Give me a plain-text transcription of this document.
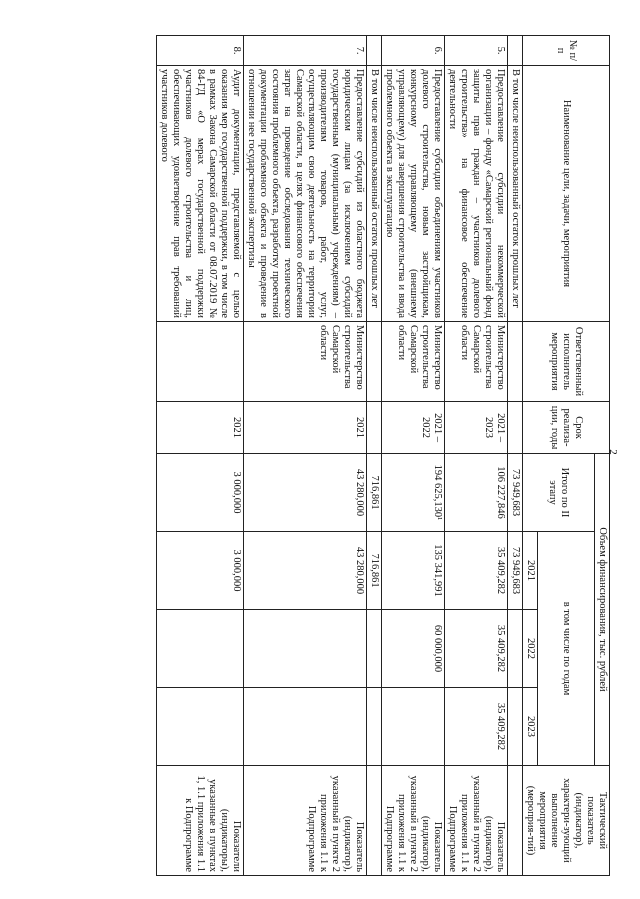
2
№ п/п	Наименование цели, задачи, мероприятия	Ответственный исполнитель мероприятия	Срок реализа-ции, годы	Объем финансирования, тыс. рублей				Тактический показатель (индикатор), характери-зующий выполнение мероприятия (мероприя-тий)
				Итого по II этапу	в том числе по годам			
					2021	2022	2023	
	В том числе неиспользованный остаток прошлых лет			73 949,683	73 949,683			
5.	Предоставление субсидии некоммерческой организации – фонду «Самарский региональный фонд защиты прав граждан – участников долевого строительства» на финансовое обеспечение деятельности	Министерство строительства Самарской области	2021 – 2023	106 227,846	35 409,282	35 409,282	35 409,282	Показатель (индикатор), указанный в пункте 2 приложения 1.1 к Подпрограмме
6.	Предоставление субсидии объединениям участников долевого строительства, новым застройщикам, конкурсному управляющему (внешнему управляющему) для завершения строительства и ввода проблемного объекта в эксплуатацию	Министерство строительства Самарской области	2021 – 2022	194 625,130¹	135 341,991	60 000,000		Показатель (индикатор), указанный в пункте 2 приложения 1.1 к Подпрограмме
	В том числе неиспользованный остаток прошлых лет			716,861	716,861			
7.	Предоставление субсидий из областного бюджета юридическим лицам (за исключением субсидий государственным (муниципальным) учреждениям) – производителям товаров, работ, услуг, осуществляющим свою деятельность на территории Самарской области, в целях финансового обеспечения затрат на проведение обследования технического состояния проблемного объекта, разработку проектной документации проблемного объекта и проведение в отношении нее государственной экспертизы	Министерство строительства Самарской области	2021	43 280,000	43 280,000			Показатель (индикатор), указанный в пункте 2 приложения 1.1 к Подпрограмме
8.	Аудит документации, представляемой с целью оказания мер государственной поддержки, в том числе в рамках Закона Самарской области от 08.07.2019 № 84-ГД «О мерах государственной поддержки участников долевого строительства и лиц, обеспечивающих удовлетворение прав требований участников долевого		2021	3 000,000	3 000,000			Показатели (индикаторы), указанные в пунктах 1, 1.1 приложения 1.1 к Подпрограмме
